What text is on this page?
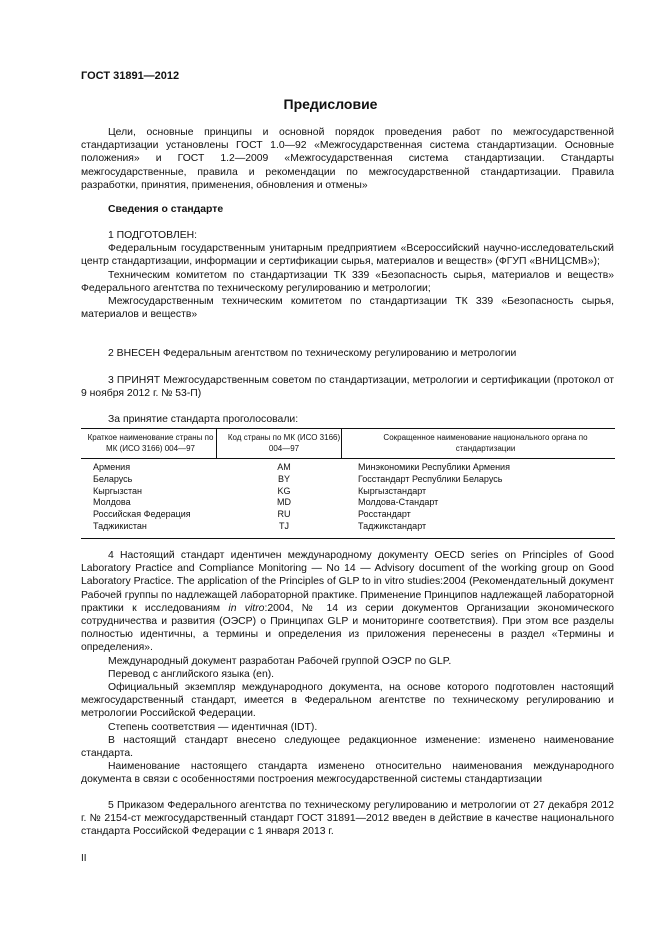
ГОСТ 31891—2012
Предисловие

Цели, основные принципы и основной порядок проведения работ по межгосударственной стандартизации установлены ГОСТ 1.0—92 «Межгосударственная система стандартизации. Основные положения» и ГОСТ 1.2—2009 «Межгосударственная система стандартизации. Стандарты межгосударственные, правила и рекомендации по межгосударственной стандартизации. Правила разработки, принятия, применения, обновления и отмены»

Сведения о стандарте

1 ПОДГОТОВЛЕН:

Федеральным государственным унитарным предприятием «Всероссийский научно-исследовательский центр стандартизации, информации и сертификации сырья, материалов и веществ» (ФГУП «ВНИЦСМВ»);

Техническим комитетом по стандартизации ТК 339 «Безопасность сырья, материалов и веществ» Федерального агентства по техническому регулированию и метрологии;

Межгосударственным техническим комитетом по стандартизации ТК 339 «Безопасность сырья, материалов и веществ»

2 ВНЕСЕН Федеральным агентством по техническому регулированию и метрологии

3 ПРИНЯТ Межгосударственным советом по стандартизации, метрологии и сертификации (протокол от 9 ноября 2012 г. № 53-П)

За принятие стандарта проголосовали:

Краткое наименование страны по МК (ИСО 3166) 004—97	Код страны по МК (ИСО 3166) 004—97	Сокращенное наименование национального органа по стандартизации
Армения	AM	Минэкономики Республики Армения
Беларусь	BY	Госстандарт Республики Беларусь
Кыргызстан	KG	Кыргызстандарт
Молдова	MD	Молдова-Стандарт
Российская Федерация	RU	Росстандарт
Таджикистан	TJ	Таджикстандарт

4 Настоящий стандарт идентичен международному документу OECD series on Principles of Good Laboratory Practice and Compliance Monitoring — No 14 — Advisory document of the working group on Good Laboratory Practice. The application of the Principles of GLP to in vitro studies:2004 (Рекомендательный документ Рабочей группы по надлежащей лабораторной практике. Применение Принципов надлежащей лабораторной практики к исследованиям in vitro:2004, № 14 из серии документов Организации экономического сотрудничества и развития (ОЭСР) о Принципах GLP и мониторинге соответствия). При этом все разделы полностью идентичны, а термины и определения из приложения перенесены в раздел «Термины и определения».

Международный документ разработан Рабочей группой ОЭСР по GLP.

Перевод с английского языка (en).

Официальный экземпляр международного документа, на основе которого подготовлен настоящий межгосударственный стандарт, имеется в Федеральном агентстве по техническому регулированию и метрологии Российской Федерации.

Степень соответствия — идентичная (IDT).

В настоящий стандарт внесено следующее редакционное изменение: изменено наименование стандарта.

Наименование настоящего стандарта изменено относительно наименования международного документа в связи с особенностями построения межгосударственной системы стандартизации

5 Приказом Федерального агентства по техническому регулированию и метрологии от 27 декабря 2012 г. № 2154-ст межгосударственный стандарт ГОСТ 31891—2012 введен в действие в качестве национального стандарта Российской Федерации с 1 января 2013 г.

II
